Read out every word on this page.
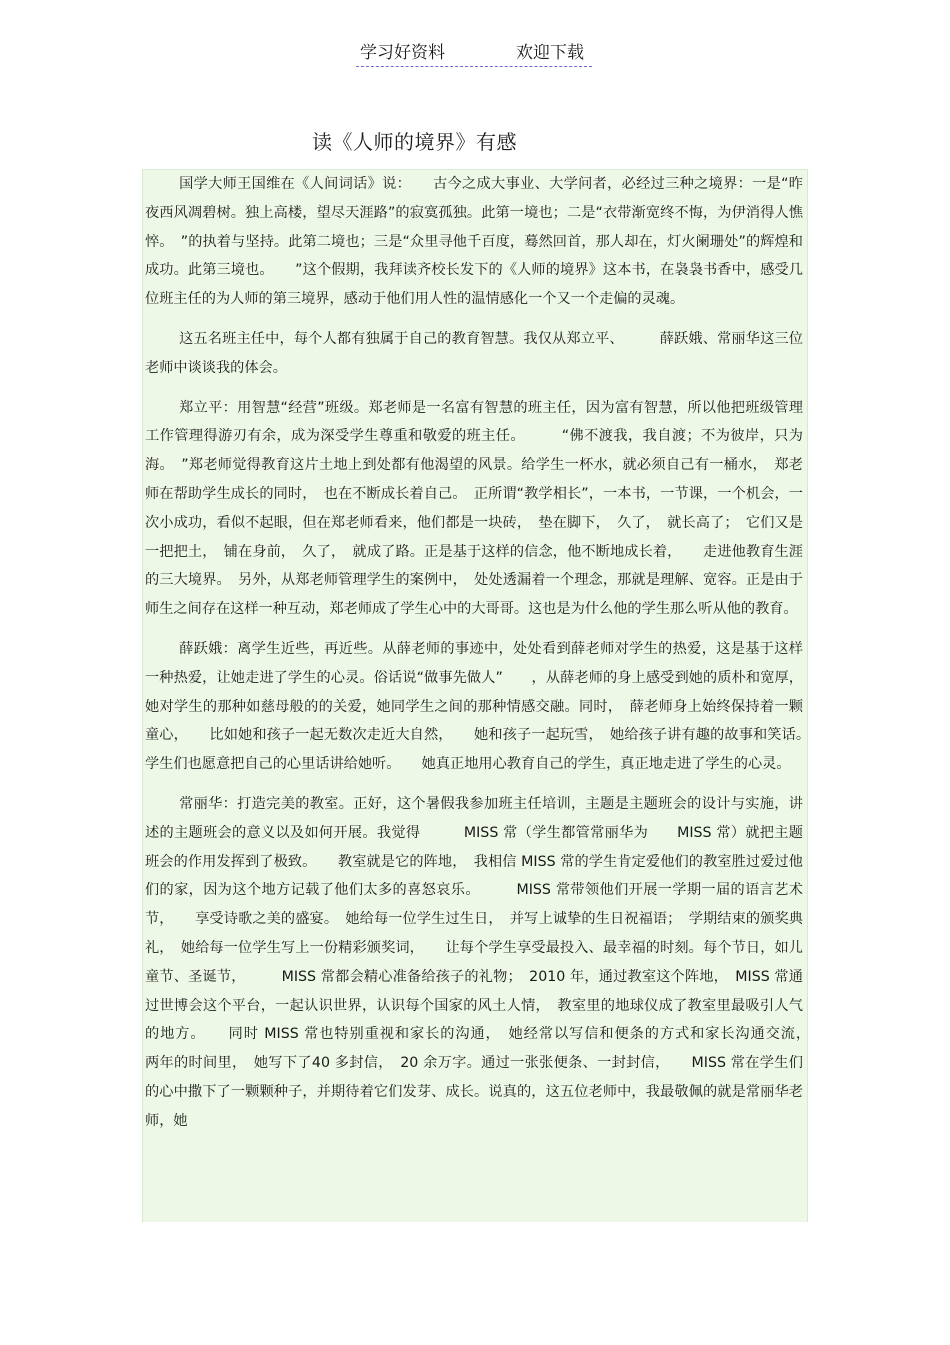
学习好资料	欢迎下载
读《人师的境界》有感

国学大师王国维在《人间词话》说：　　古今之成大事业、大学问者，必经过三种之境界：一是“昨夜西风凋碧树。独上高楼，望尽天涯路”的寂寞孤独。此第一境也；二是“衣带渐宽终不悔，为伊消得人憔悴。　”的执着与坚持。此第二境也；三是“众里寻他千百度，蓦然回首，那人却在，灯火阑珊处”的辉煌和成功。此第三境也。　　”这个假期，我拜读齐校长发下的《人师的境界》这本书，在袅袅书香中，感受几位班主任的为人师的第三境界，感动于他们用人性的温情感化一个又一个走偏的灵魂。

这五名班主任中，每个人都有独属于自己的教育智慧。我仅从郑立平、　　　薛跃娥、常丽华这三位老师中谈谈我的体会。

郑立平：用智慧“经营”班级。郑老师是一名富有智慧的班主任，因为富有智慧，所以他把班级管理工作管理得游刃有余，成为深受学生尊重和敬爱的班主任。　　　“佛不渡我，我自渡；不为彼岸，只为海。　”郑老师觉得教育这片土地上到处都有他渴望的风景。给学生一杯水，就必须自己有一桶水，　郑老师在帮助学生成长的同时，　也在不断成长着自己。　正所谓“教学相长”，一本书，一节课，一个机会，一次小成功，看似不起眼，但在郑老师看来，他们都是一块砖，　垫在脚下，　久了，　就长高了；　它们又是一把把土，　铺在身前，　久了，　就成了路。正是基于这样的信念，他不断地成长着，　　走进他教育生涯的三大境界。　另外，从郑老师管理学生的案例中，　处处透漏着一个理念，那就是理解、宽容。正是由于师生之间存在这样一种互动，郑老师成了学生心中的大哥哥。这也是为什么他的学生那么听从他的教育。

薛跃娥：离学生近些，再近些。从薛老师的事迹中，处处看到薛老师对学生的热爱，这是基于这样一种热爱，让她走进了学生的心灵。俗话说“做事先做人”　　，从薛老师的身上感受到她的质朴和宽厚，她对学生的那种如慈母般的的关爱，她同学生之间的那种情感交融。同时，　薛老师身上始终保持着一颗童心，　　比如她和孩子一起无数次走近大自然，　　她和孩子一起玩雪，　她给孩子讲有趣的故事和笑话。　　学生们也愿意把自己的心里话讲给她听。　　她真正地用心教育自己的学生，真正地走进了学生的心灵。

常丽华：打造完美的教室。正好，这个暑假我参加班主任培训，主题是主题班会的设计与实施，讲述的主题班会的意义以及如何开展。我觉得　　　MISS 常（学生都管常丽华为　　MISS 常）就把主题班会的作用发挥到了极致。　　教室就是它的阵地，　我相信 MISS 常的学生肯定爱他们的教室胜过爱过他们的家，因为这个地方记载了他们太多的喜怒哀乐。　　　MISS 常带领他们开展一学期一届的语言艺术节，　　享受诗歌之美的盛宴。　她给每一位学生过生日，　并写上诚挚的生日祝福语；　学期结束的颁奖典礼，　她给每一位学生写上一份精彩颁奖词，　　让每个学生享受最投入、最幸福的时刻。每个节日，如儿童节、圣诞节，　　　MISS 常都会精心准备给孩子的礼物；　2010 年，通过教室这个阵地，　MISS 常通过世博会这个平台，一起认识世界，认识每个国家的风土人情，　教室里的地球仪成了教室里最吸引人气的地方。　　同时 MISS 常也特别重视和家长的沟通，　她经常以写信和便条的方式和家长沟通交流，　　两年的时间里，　她写下了40 多封信，　20 余万字。通过一张张便条、一封封信，　　MISS 常在学生们的心中撒下了一颗颗种子，并期待着它们发芽、成长。说真的，这五位老师中，我最敬佩的就是常丽华老师，她
